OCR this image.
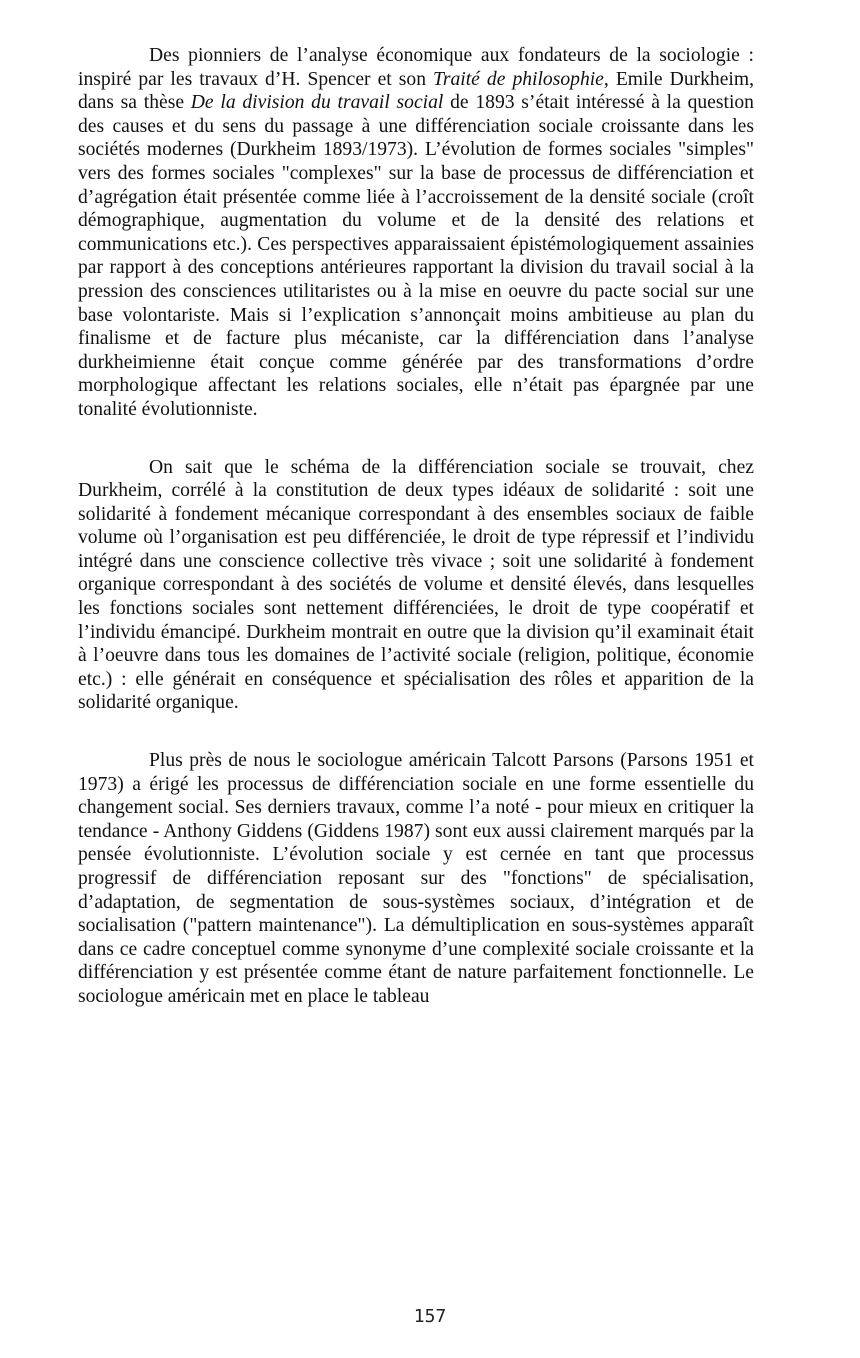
Des pionniers de l’analyse économique aux fondateurs de la sociologie : inspiré par les travaux d’H. Spencer et son Traité de philosophie, Emile Durkheim, dans sa thèse De la division du travail social de 1893 s’était intéressé à la question des causes et du sens du passage à une différenciation sociale croissante dans les sociétés modernes (Durkheim 1893/1973). L’évolution de formes sociales "simples" vers des formes sociales "complexes" sur la base de processus de différenciation et d’agrégation était présentée comme liée à l’accroissement de la densité sociale (croît démographique, augmentation du volume et de la densité des relations et communications etc.). Ces perspectives apparaissaient épistémologiquement assainies par rapport à des conceptions antérieures rapportant la division du travail social à la pression des consciences utilitaristes ou à la mise en oeuvre du pacte social sur une base volontariste. Mais si l’explication s’annonçait moins ambitieuse au plan du finalisme et de facture plus mécaniste, car la différenciation dans l’analyse durkheimienne était conçue comme générée par des transformations d’ordre morphologique affectant les relations sociales, elle n’était pas épargnée par une tonalité évolutionniste.

On sait que le schéma de la différenciation sociale se trouvait, chez Durkheim, corrélé à la constitution de deux types idéaux de solidarité : soit une solidarité à fondement mécanique correspondant à des ensembles sociaux de faible volume où l’organisation est peu différenciée, le droit de type répressif et l’individu intégré dans une conscience collective très vivace ; soit une solidarité à fondement organique correspondant à des sociétés de volume et densité élevés, dans lesquelles les fonctions sociales sont nettement différenciées, le droit de type coopératif et l’individu émancipé. Durkheim montrait en outre que la division qu’il examinait était à l’oeuvre dans tous les domaines de l’activité sociale (religion, politique, économie etc.) : elle générait en conséquence et spécialisation des rôles et apparition de la solidarité organique.

Plus près de nous le sociologue américain Talcott Parsons (Parsons 1951 et 1973) a érigé les processus de différenciation sociale en une forme essentielle du changement social. Ses derniers travaux, comme l’a noté - pour mieux en critiquer la tendance - Anthony Giddens (Giddens 1987) sont eux aussi clairement marqués par la pensée évolutionniste. L’évolution sociale y est cernée en tant que processus progressif de différenciation reposant sur des "fonctions" de spécialisation, d’adaptation, de segmentation de sous-systèmes sociaux, d’intégration et de socialisation ("pattern maintenance"). La démultiplication en sous-systèmes apparaît dans ce cadre conceptuel comme synonyme d’une complexité sociale croissante et la différenciation y est présentée comme étant de nature parfaitement fonctionnelle. Le sociologue américain met en place le tableau

157
